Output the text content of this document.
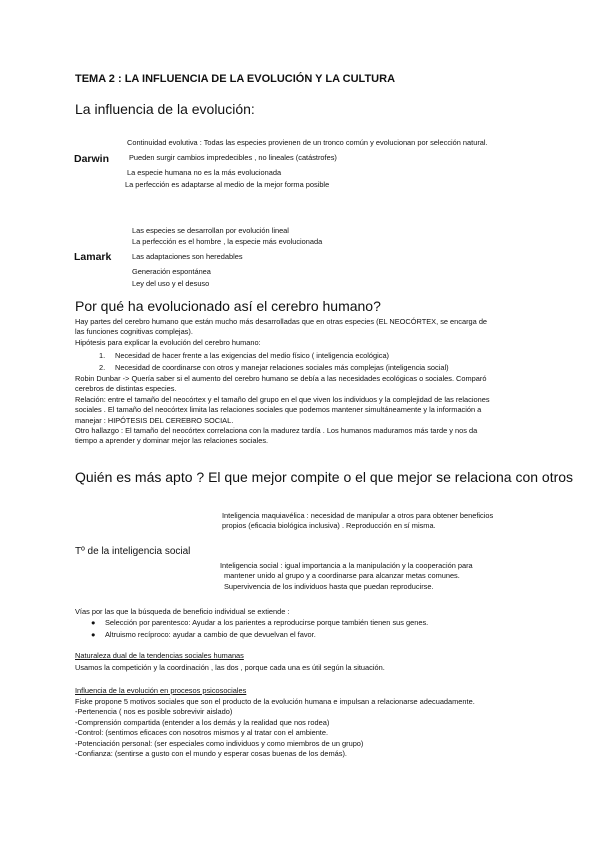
TEMA 2 : LA INFLUENCIA DE LA EVOLUCIÓN Y LA CULTURA
La influencia de la evolución:
Darwin
Continuidad evolutiva : Todas las especies provienen de un tronco común y evolucionan por selección natural.
Pueden surgir cambios impredecibles , no lineales (catástrofes)
La especie humana no es la más evolucionada
La perfección es adaptarse al medio de la mejor forma posible
Lamark
Las especies se desarrollan por evolución lineal
La perfección es el hombre , la especie más evolucionada
Las adaptaciones son heredables
Generación espontánea
Ley del uso y el desuso
Por qué ha evolucionado así el cerebro humano?
Hay partes del cerebro humano que están mucho más desarrolladas que en otras especies (EL NEOCÓRTEX, se encarga de
las funciones cognitivas complejas).
Hipótesis para explicar la evolución del cerebro humano:
1. Necesidad de hacer frente a las exigencias del medio físico ( inteligencia ecológica)
2. Necesidad de coordinarse con otros y manejar relaciones sociales más complejas (inteligencia social)
Robin Dunbar -> Quería saber si el aumento del cerebro humano se debía a las necesidades ecológicas o sociales. Comparó
cerebros de distintas especies.
Relación: entre el tamaño del neocórtex y el tamaño del grupo en el que viven los individuos y la complejidad de las relaciones
sociales . El tamaño del neocórtex limita las relaciones sociales que podemos mantener simultáneamente y la información a
manejar : HIPÓTESIS DEL CEREBRO SOCIAL.
Otro hallazgo : El tamaño del neocórtex correlaciona con la madurez tardía . Los humanos maduramos más tarde y nos da
tiempo a aprender y dominar mejor las relaciones sociales.
Quién es más apto ? El que mejor compite o el que mejor se relaciona con otros
Inteligencia maquiavélica : necesidad de manipular a otros para obtener beneficios
propios (eficacia biológica inclusiva) . Reproducción en sí misma.
Tº de la inteligencia social
Inteligencia social : igual importancia a la manipulación y la cooperación para
mantener unido al grupo y a coordinarse para alcanzar metas comunes.
Supervivencia de los individuos hasta que puedan reproducirse.
Vías por las que la búsqueda de beneficio individual se extiende :
● Selección por parentesco: Ayudar a los parientes a reproducirse porque también tienen sus genes.
● Altruismo recíproco: ayudar a cambio de que devuelvan el favor.
Naturaleza dual de la tendencias sociales humanas
Usamos la competición y la coordinación , las dos , porque cada una es útil según la situación.
Influencia de la evolución en procesos psicosociales
Fiske propone 5 motivos sociales que son el producto de la evolución humana e impulsan a relacionarse adecuadamente.
-Pertenencia ( nos es posible sobrevivir aislado)
-Comprensión compartida (entender a los demás y la realidad que nos rodea)
-Control: (sentirnos eficaces con nosotros mismos y al tratar con el ambiente.
-Potenciación personal: (ser especiales como individuos y como miembros de un grupo)
-Confianza: (sentirse a gusto con el mundo y esperar cosas buenas de los demás).
